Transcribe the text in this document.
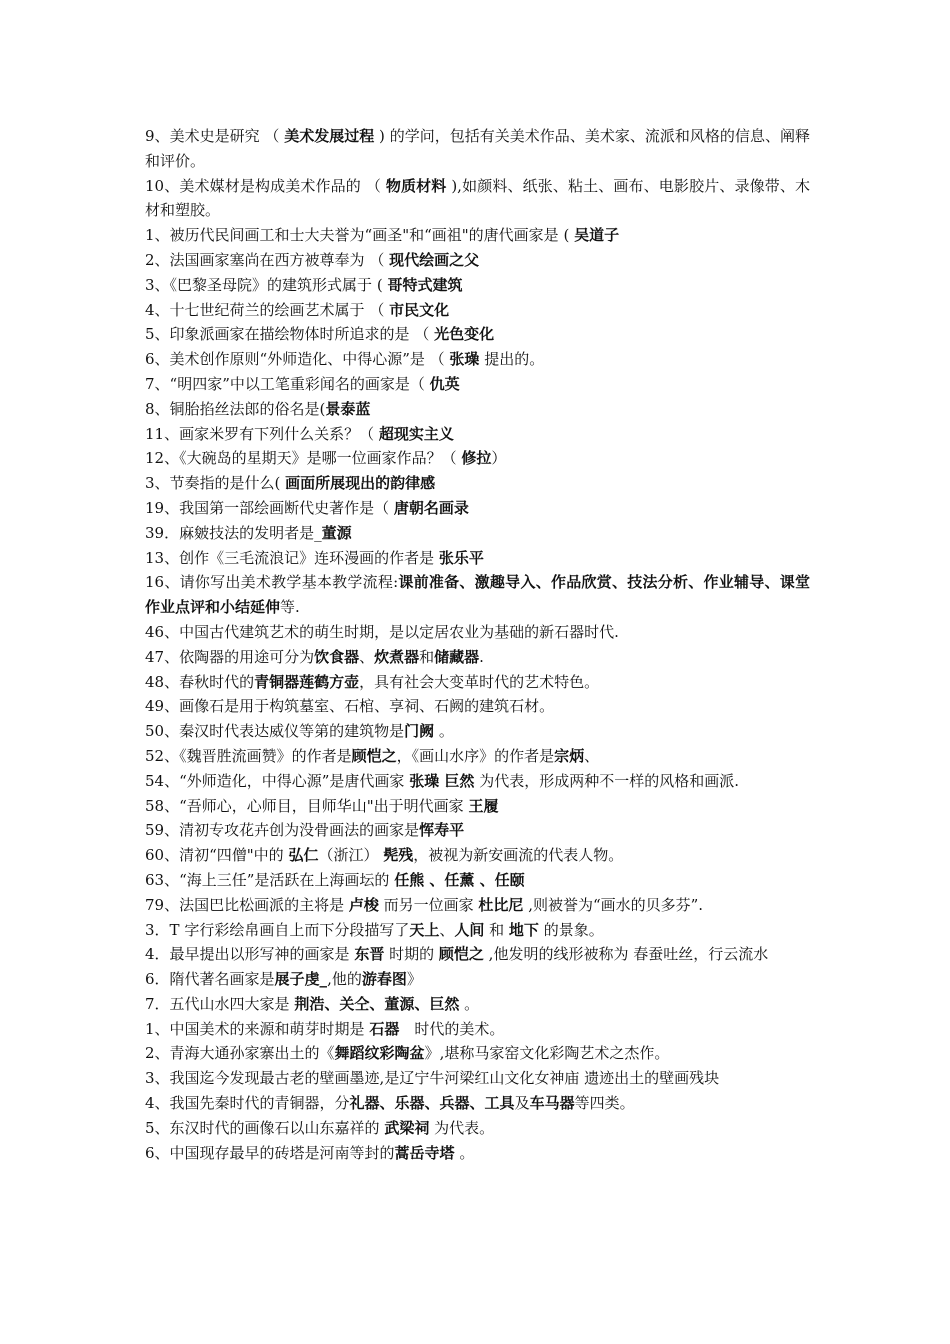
9、美术史是研究 （ 美术发展过程 ) 的学问，包括有关美术作品、美术家、流派和风格的信息、阐释和评价。

10、美术媒材是构成美术作品的 （ 物质材料 ),如颜料、纸张、粘土、画布、电影胶片、录像带、木材和塑胶。

1、被历代民间画工和士大夫誉为“画圣"和“画祖"的唐代画家是 ( 吴道子

2、法国画家塞尚在西方被尊奉为 （ 现代绘画之父

3、《巴黎圣母院》的建筑形式属于 ( 哥特式建筑

4、十七世纪荷兰的绘画艺术属于 （ 市民文化

5、印象派画家在描绘物体时所追求的是 （ 光色变化

6、美术创作原则“外师造化、中得心源”是 （ 张璪 提出的。

7、“明四家”中以工笔重彩闻名的画家是（ 仇英

8、铜胎掐丝法郎的俗名是(景泰蓝

11、画家米罗有下列什么关系？（ 超现实主义

12、《大碗岛的星期天》是哪一位画家作品？（ 修拉）

3、节奏指的是什么( 画面所展现出的韵律感

19、我国第一部绘画断代史著作是（ 唐朝名画录

39．麻皴技法的发明者是_董源

13、创作《三毛流浪记》连环漫画的作者是 张乐平

16、请你写出美术教学基本教学流程:课前准备、激趣导入、作品欣赏、技法分析、作业辅导、课堂作业点评和小结延伸等.

46、中国古代建筑艺术的萌生时期，是以定居农业为基础的新石器时代.

47、依陶器的用途可分为饮食器、炊煮器和储藏器.

48、春秋时代的青铜器莲鹤方壶，具有社会大变革时代的艺术特色。

49、画像石是用于构筑墓室、石棺、享祠、石阙的建筑石材。

50、秦汉时代表达威仪等第的建筑物是门阙 。

52、《魏晋胜流画赞》的作者是顾恺之，《画山水序》的作者是宗炳、

54、“外师造化，中得心源”是唐代画家 张璪 巨然 为代表，形成两种不一样的风格和画派.

58、“吾师心，心师目，目师华山"出于明代画家 王履

59、清初专攻花卉创为没骨画法的画家是恽寿平

60、清初“四僧"中的 弘仁（浙江） 髡残，被视为新安画流的代表人物。

63、“海上三任”是活跃在上海画坛的 任熊 、任薰 、任颐

79、法国巴比松画派的主将是 卢梭 而另一位画家 杜比尼 ,则被誉为“画水的贝多芬”.

3．T 字行彩绘帛画自上而下分段描写了天上、人间 和 地下 的景象。

4．最早提出以形写神的画家是 东晋 时期的 顾恺之 ,他发明的线形被称为 春蚕吐丝，行云流水

6．隋代著名画家是展子虔_,他的游春图》

7．五代山水四大家是 荆浩、关仝、董源、巨然 。

1、中国美术的来源和萌芽时期是 石器　时代的美术。

2、青海大通孙家寨出土的《舞蹈纹彩陶盆》,堪称马家窑文化彩陶艺术之杰作。

3、我国迄今发现最古老的壁画墨迹,是辽宁牛河梁红山文化女神庙 遗迹出土的壁画残块

4、我国先秦时代的青铜器，分礼器、乐器、兵器、工具及车马器等四类。

5、东汉时代的画像石以山东嘉祥的 武梁祠 为代表。

6、中国现存最早的砖塔是河南等封的蒿岳寺塔 。
